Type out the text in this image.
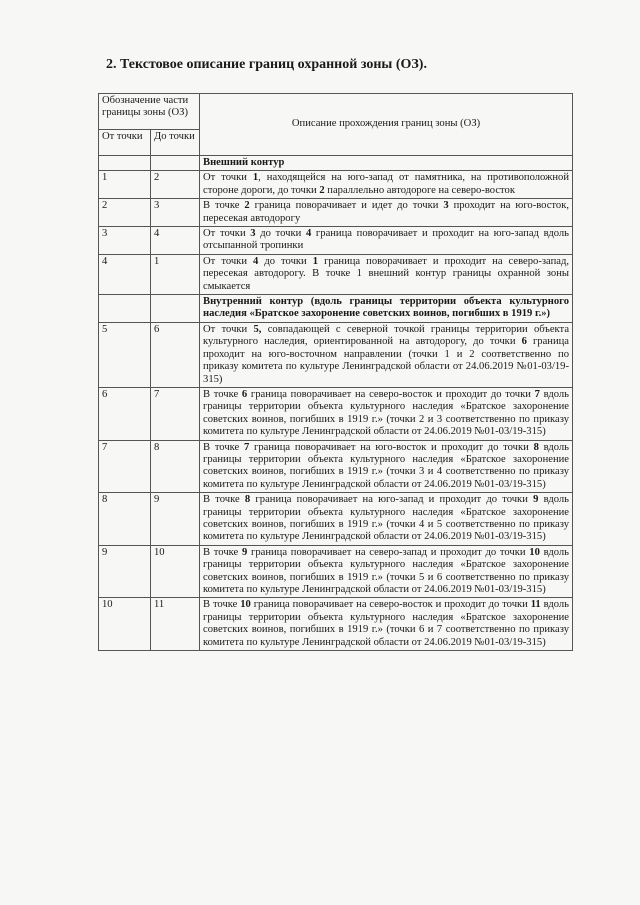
2. Текстовое описание границ охранной зоны (ОЗ).
Обозначение части границы зоны (ОЗ)		Описание прохождения границ зоны (ОЗ)
От точки	До точки	
		Внешний контур
1	2	От точки 1, находящейся на юго-запад от памятника, на противоположной стороне дороги, до точки 2 параллельно автодороге на северо-восток
2	3	В точке 2 граница поворачивает и идет до точки 3 проходит на юго-восток, пересекая автодорогу
3	4	От точки 3 до точки 4 граница поворачивает и проходит на юго-запад вдоль отсыпанной тропинки
4	1	От точки 4 до точки 1 граница поворачивает и проходит на северо-запад, пересекая автодорогу. В точке 1 внешний контур границы охранной зоны смыкается
		Внутренний контур (вдоль границы территории объекта культурного наследия «Братское захоронение советских воинов, погибших в 1919 г.»)
5	6	От точки 5, совпадающей с северной точкой границы территории объекта культурного наследия, ориентированной на автодорогу, до точки 6 граница проходит на юго-восточном направлении (точки 1 и 2 соответственно по приказу комитета по культуре Ленинградской области от 24.06.2019 №01-03/19-315)
6	7	В точке 6 граница поворачивает на северо-восток и проходит до точки 7 вдоль границы территории объекта культурного наследия «Братское захоронение советских воинов, погибших в 1919 г.» (точки 2 и 3 соответственно по приказу комитета по культуре Ленинградской области от 24.06.2019 №01-03/19-315)
7	8	В точке 7 граница поворачивает на юго-восток и проходит до точки 8 вдоль границы территории объекта культурного наследия «Братское захоронение советских воинов, погибших в 1919 г.» (точки 3 и 4 соответственно по приказу комитета по культуре Ленинградской области от 24.06.2019 №01-03/19-315)
8	9	В точке 8 граница поворачивает на юго-запад и проходит до точки 9 вдоль границы территории объекта культурного наследия «Братское захоронение советских воинов, погибших в 1919 г.» (точки 4 и 5 соответственно по приказу комитета по культуре Ленинградской области от 24.06.2019 №01-03/19-315)
9	10	В точке 9 граница поворачивает на северо-запад и проходит до точки 10 вдоль границы территории объекта культурного наследия «Братское захоронение советских воинов, погибших в 1919 г.» (точки 5 и 6 соответственно по приказу комитета по культуре Ленинградской области от 24.06.2019 №01-03/19-315)
10	11	В точке 10 граница поворачивает на северо-восток и проходит до точки 11 вдоль границы территории объекта культурного наследия «Братское захоронение советских воинов, погибших в 1919 г.» (точки 6 и 7 соответственно по приказу комитета по культуре Ленинградской области от 24.06.2019 №01-03/19-315)
